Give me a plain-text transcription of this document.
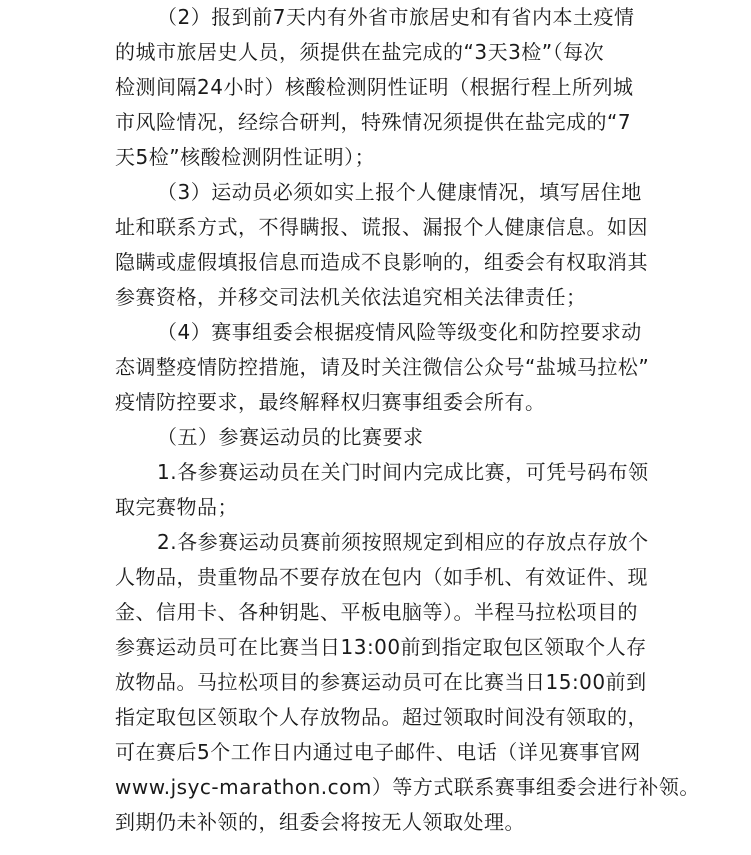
（2）报到前7天内有外省市旅居史和有省内本土疫情
的城市旅居史人员，须提供在盐完成的“3天3检”（每次
检测间隔24小时）核酸检测阴性证明（根据行程上所列城
市风险情况，经综合研判，特殊情况须提供在盐完成的“7
天5检”核酸检测阴性证明）；
（3）运动员必须如实上报个人健康情况，填写居住地
址和联系方式，不得瞒报、谎报、漏报个人健康信息。如因
隐瞒或虚假填报信息而造成不良影响的，组委会有权取消其
参赛资格，并移交司法机关依法追究相关法律责任；
（4）赛事组委会根据疫情风险等级变化和防控要求动
态调整疫情防控措施，请及时关注微信公众号“盐城马拉松”
疫情防控要求，最终解释权归赛事组委会所有。
（五）参赛运动员的比赛要求
1.各参赛运动员在关门时间内完成比赛，可凭号码布领
取完赛物品；
2.各参赛运动员赛前须按照规定到相应的存放点存放个
人物品，贵重物品不要存放在包内（如手机、有效证件、现
金、信用卡、各种钥匙、平板电脑等）。半程马拉松项目的
参赛运动员可在比赛当日13:00前到指定取包区领取个人存
放物品。马拉松项目的参赛运动员可在比赛当日15:00前到
指定取包区领取个人存放物品。超过领取时间没有领取的，
可在赛后5个工作日内通过电子邮件、电话（详见赛事官网
www.jsyc-marathon.com）等方式联系赛事组委会进行补领。
到期仍未补领的，组委会将按无人领取处理。
